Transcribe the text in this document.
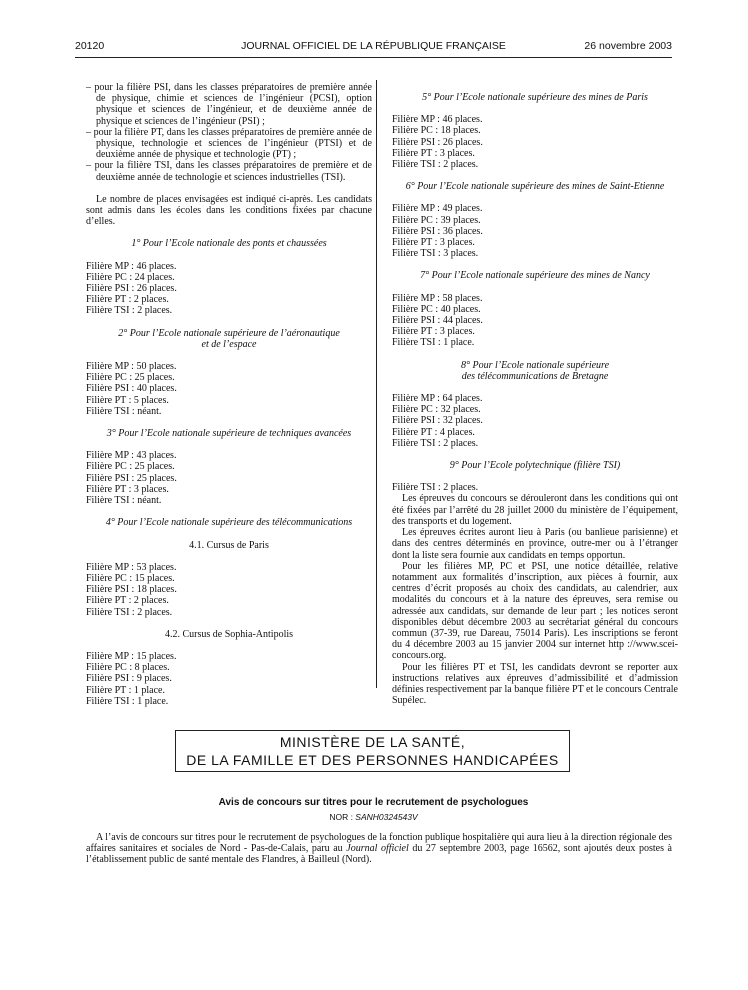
20120	JOURNAL OFFICIEL DE LA RÉPUBLIQUE FRANÇAISE	26 novembre 2003

– pour la filière PSI, dans les classes préparatoires de première année de physique, chimie et sciences de l’ingénieur (PCSI), option physique et sciences de l’ingénieur, et de deuxième année de physique et sciences de l’ingénieur (PSI) ;

– pour la filière PT, dans les classes préparatoires de première année de physique, technologie et sciences de l’ingénieur (PTSI) et de deuxième année de physique et technologie (PT) ;

– pour la filière TSI, dans les classes préparatoires de première et de deuxième année de technologie et sciences industrielles (TSI).

Le nombre de places envisagées est indiqué ci-après. Les candidats sont admis dans les écoles dans les conditions fixées par chacune d’elles.

1° Pour l’Ecole nationale des ponts et chaussées

Filière MP : 46 places.

Filière PC : 24 places.

Filière PSI : 26 places.

Filière PT : 2 places.

Filière TSI : 2 places.

2° Pour l’Ecole nationale supérieure de l’aéronautique

et de l’espace

Filière MP : 50 places.

Filière PC : 25 places.

Filière PSI : 40 places.

Filière PT : 5 places.

Filière TSI : néant.

3° Pour l’Ecole nationale supérieure de techniques avancées

Filière MP : 43 places.

Filière PC : 25 places.

Filière PSI : 25 places.

Filière PT : 3 places.

Filière TSI : néant.

4° Pour l’Ecole nationale supérieure des télécommunications

4.1. Cursus de Paris

Filière MP : 53 places.

Filière PC : 15 places.

Filière PSI : 18 places.

Filière PT : 2 places.

Filière TSI : 2 places.

4.2. Cursus de Sophia-Antipolis

Filière MP : 15 places.

Filière PC : 8 places.

Filière PSI : 9 places.

Filière PT : 1 place.

Filière TSI : 1 place.

5° Pour l’Ecole nationale supérieure des mines de Paris

Filière MP : 46 places.

Filière PC : 18 places.

Filière PSI : 26 places.

Filière PT : 3 places.

Filière TSI : 2 places.

6° Pour l’Ecole nationale supérieure des mines de Saint-Etienne

Filière MP : 49 places.

Filière PC : 39 places.

Filière PSI : 36 places.

Filière PT : 3 places.

Filière TSI : 3 places.

7° Pour l’Ecole nationale supérieure des mines de Nancy

Filière MP : 58 places.

Filière PC : 40 places.

Filière PSI : 44 places.

Filière PT : 3 places.

Filière TSI : 1 place.

8° Pour l’Ecole nationale supérieure

des télécommunications de Bretagne

Filière MP : 64 places.

Filière PC : 32 places.

Filière PSI : 32 places.

Filière PT : 4 places.

Filière TSI : 2 places.

9° Pour l’Ecole polytechnique (filière TSI)

Filière TSI : 2 places.

Les épreuves du concours se dérouleront dans les conditions qui ont été fixées par l’arrêté du 28 juillet 2000 du ministère de l’équipement, des transports et du logement.

Les épreuves écrites auront lieu à Paris (ou banlieue parisienne) et dans des centres déterminés en province, outre-mer ou à l’étranger dont la liste sera fournie aux candidats en temps opportun.

Pour les filières MP, PC et PSI, une notice détaillée, relative notamment aux formalités d’inscription, aux pièces à fournir, aux centres d’écrit proposés au choix des candidats, au calendrier, aux modalités du concours et à la nature des épreuves, sera remise ou adressée aux candidats, sur demande de leur part ; les notices seront disponibles début décembre 2003 au secrétariat général du concours commun (37-39, rue Dareau, 75014 Paris). Les inscriptions se feront du 4 décembre 2003 au 15 janvier 2004 sur internet http ://www.scei-concours.org.

Pour les filières PT et TSI, les candidats devront se reporter aux instructions relatives aux épreuves d’admissibilité et d’admission définies respectivement par la banque filière PT et le concours Centrale Supélec.

MINISTÈRE DE LA SANTÉ,
DE LA FAMILLE ET DES PERSONNES HANDICAPÉES
Avis de concours sur titres pour le recrutement de psychologues
NOR : SANH0324543V

A l’avis de concours sur titres pour le recrutement de psychologues de la fonction publique hospitalière qui aura lieu à la direction régionale des affaires sanitaires et sociales de Nord - Pas-de-Calais, paru au Journal officiel du 27 septembre 2003, page 16562, sont ajoutés deux postes à l’établissement public de santé mentale des Flandres, à Bailleul (Nord).
